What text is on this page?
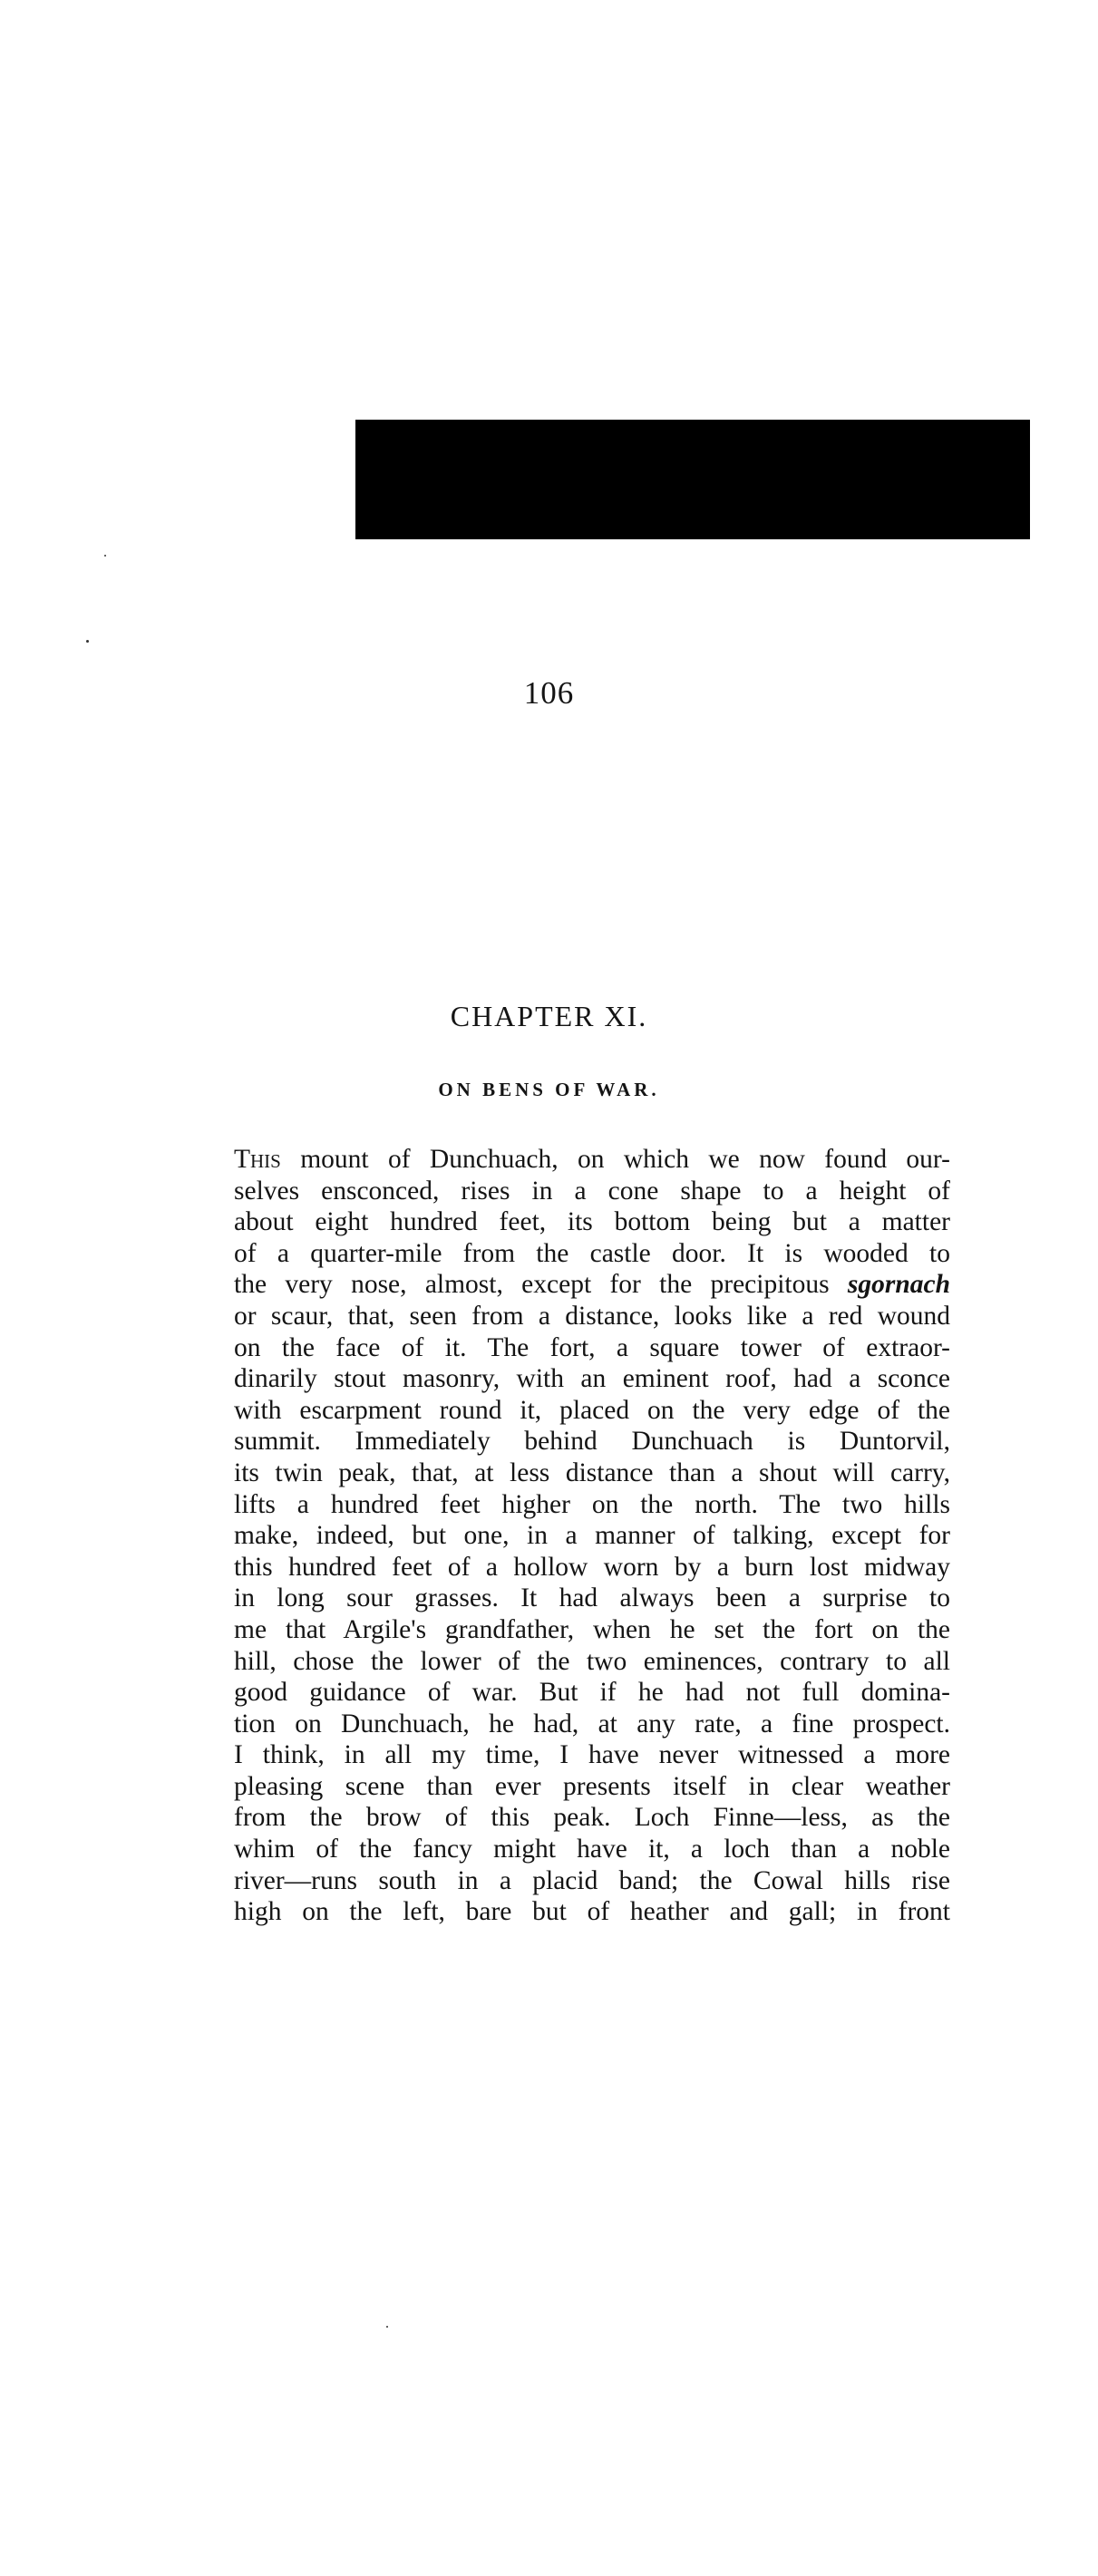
106
CHAPTER XI.
ON BENS OF WAR.
This mount of Dunchuach, on which we now found our-
selves ensconced, rises in a cone shape to a height of
about eight hundred feet, its bottom being but a matter
of a quarter-mile from the castle door. It is wooded to
the very nose, almost, except for the precipitous sgornach
or scaur, that, seen from a distance, looks like a red wound
on the face of it. The fort, a square tower of extraor-
dinarily stout masonry, with an eminent roof, had a sconce
with escarpment round it, placed on the very edge of the
summit. Immediately behind Dunchuach is Duntorvil,
its twin peak, that, at less distance than a shout will carry,
lifts a hundred feet higher on the north. The two hills
make, indeed, but one, in a manner of talking, except for
this hundred feet of a hollow worn by a burn lost midway
in long sour grasses. It had always been a surprise to
me that Argile's grandfather, when he set the fort on the
hill, chose the lower of the two eminences, contrary to all
good guidance of war. But if he had not full domina-
tion on Dunchuach, he had, at any rate, a fine prospect.
I think, in all my time, I have never witnessed a more
pleasing scene than ever presents itself in clear weather
from the brow of this peak. Loch Finne—less, as the
whim of the fancy might have it, a loch than a noble
river—runs south in a placid band; the Cowal hills rise
high on the left, bare but of heather and gall; in front
